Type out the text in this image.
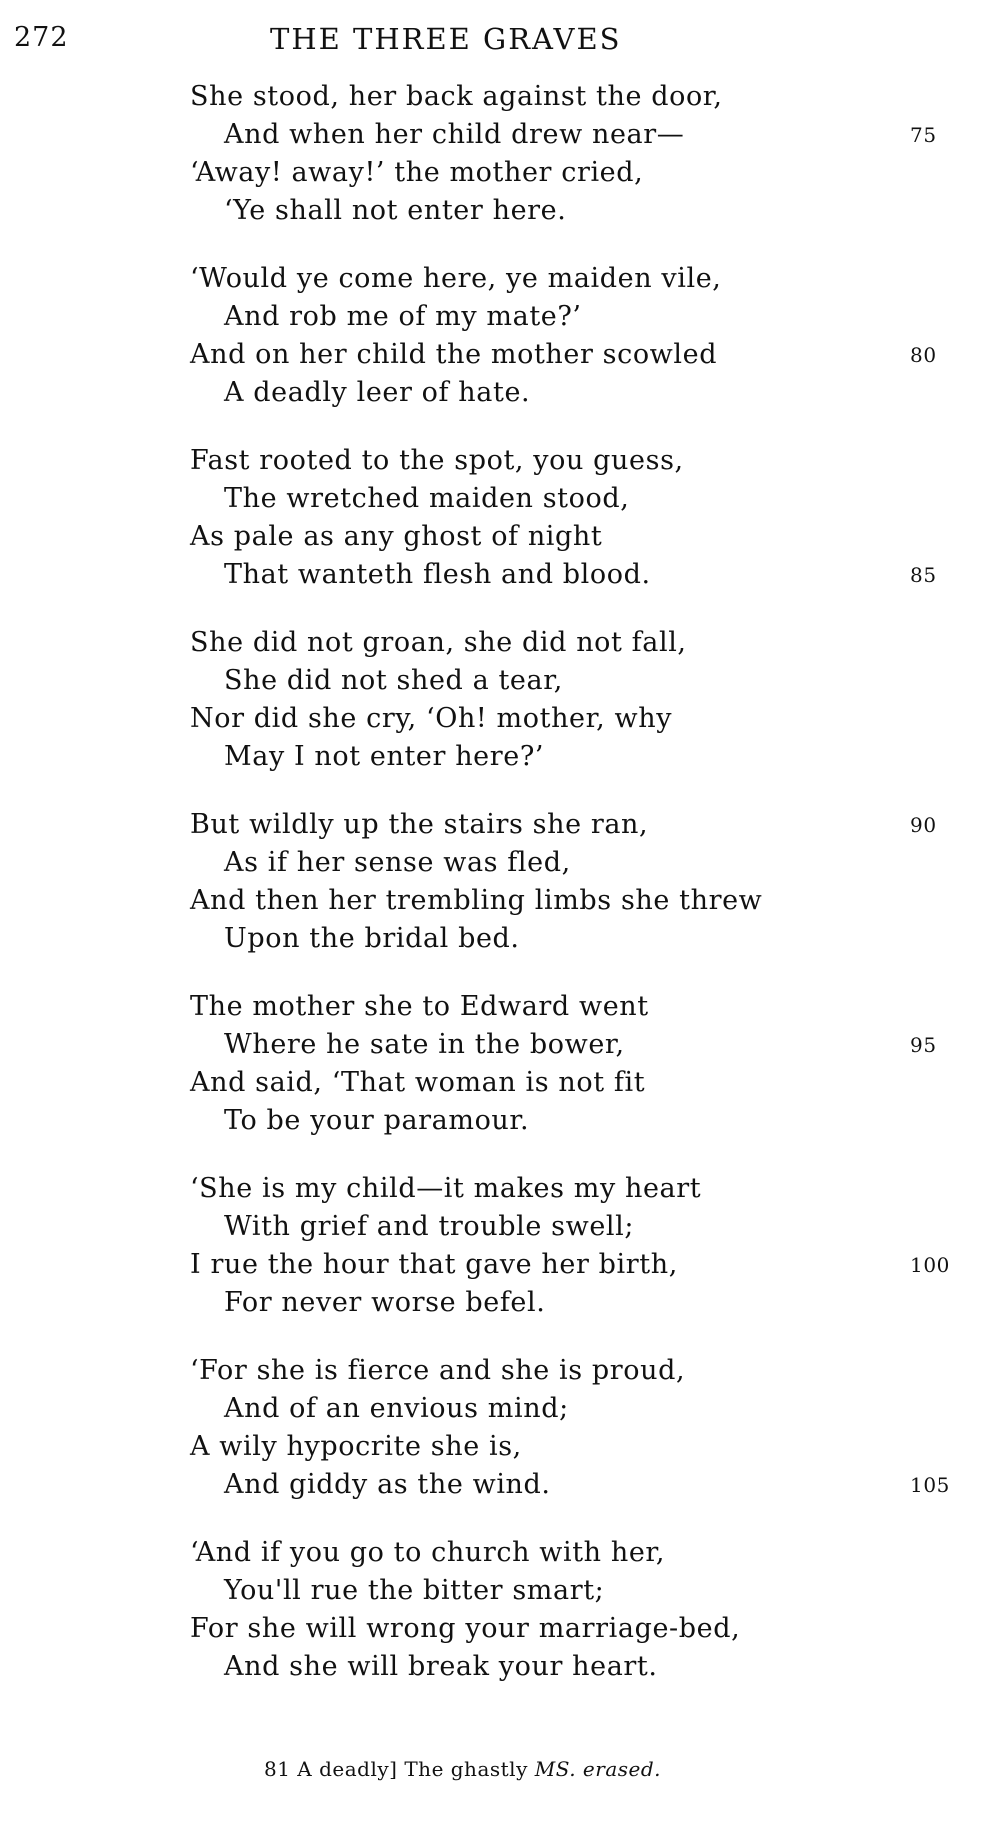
272	THE THREE GRAVES
She stood, her back against the door,
And when her child drew near—	75
‘Away! away!’ the mother cried,
‘Ye shall not enter here.
‘Would ye come here, ye maiden vile,
And rob me of my mate?’
And on her child the mother scowled	80
A deadly leer of hate.
Fast rooted to the spot, you guess,
The wretched maiden stood,
As pale as any ghost of night
That wanteth flesh and blood.	85
She did not groan, she did not fall,
She did not shed a tear,
Nor did she cry, ‘Oh! mother, why
May I not enter here?’
But wildly up the stairs she ran,	90
As if her sense was fled,
And then her trembling limbs she threw
Upon the bridal bed.
The mother she to Edward went
Where he sate in the bower,	95
And said, ‘That woman is not fit
To be your paramour.
‘She is my child—it makes my heart
With grief and trouble swell;
I rue the hour that gave her birth,	100
For never worse befel.
‘For she is fierce and she is proud,
And of an envious mind;
A wily hypocrite she is,
And giddy as the wind.	105
‘And if you go to church with her,
You'll rue the bitter smart;
For she will wrong your marriage-bed,
And she will break your heart.
81 A deadly] The ghastly MS. erased.
